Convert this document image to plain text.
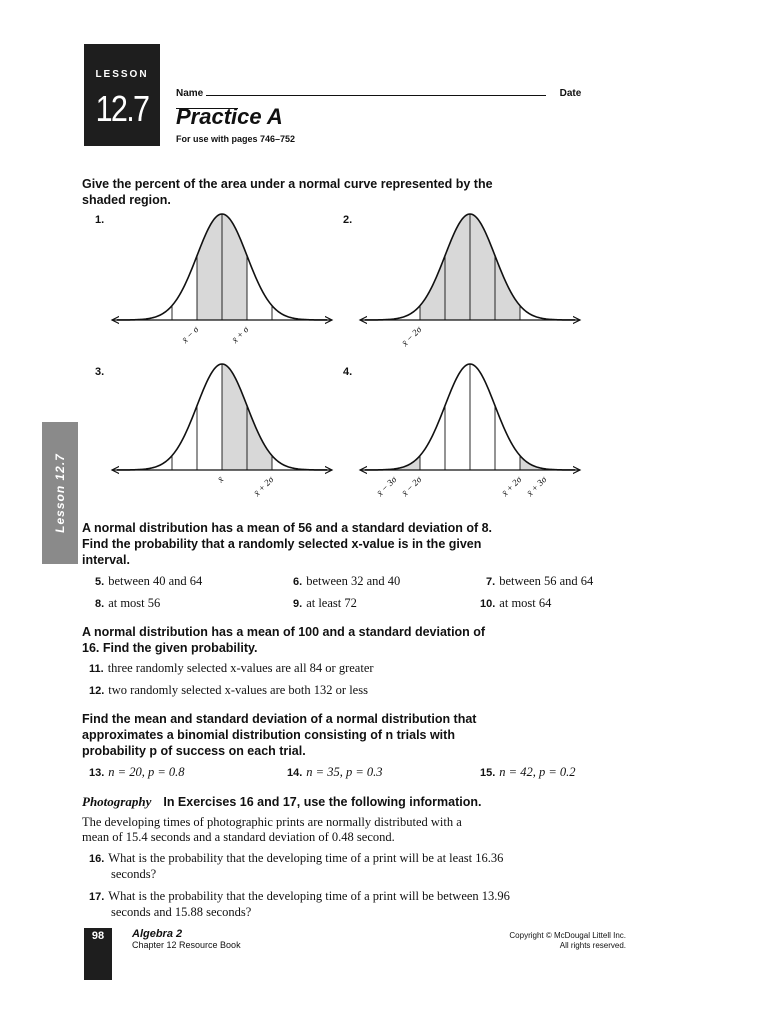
LESSON
12.7	Name	Date
Practice A
For use with pages 746–752
Give the percent of the area under a normal curve represented by the shaded region.
1.	2.
3.	4.
x̄ − σ	x̄ + σ	x̄ − 2σ
x̄	x̄ + 2σ	x̄ − 3σ x̄ − 2σ	x̄ + 2σ x̄ + 3σ
Lesson 12.7 A normal distribution has a mean of 56 and a standard deviation of 8. Find the probability that a randomly selected x-value is in the given interval.
5. between 40 and 64	6. between 32 and 40	7. between 56 and 64
8. at most 56	9. at least 72	10. at most 64
A normal distribution has a mean of 100 and a standard deviation of 16. Find the given probability.
11. three randomly selected x-values are all 84 or greater
12. two randomly selected x-values are both 132 or less
Find the mean and standard deviation of a normal distribution that approximates a binomial distribution consisting of n trials with probability p of success on each trial.
13. n = 20, p = 0.8	14. n = 35, p = 0.3	15. n = 42, p = 0.2
Photography In Exercises 16 and 17, use the following information.
The developing times of photographic prints are normally distributed with a mean of 15.4 seconds and a standard deviation of 0.48 second.
16. What is the probability that the developing time of a print will be at least 16.36 seconds?
17. What is the probability that the developing time of a print will be between 13.96 seconds and 15.88 seconds?
98	Algebra 2
Chapter 12 Resource Book
Copyright © McDougal Littell Inc.
All rights reserved.
